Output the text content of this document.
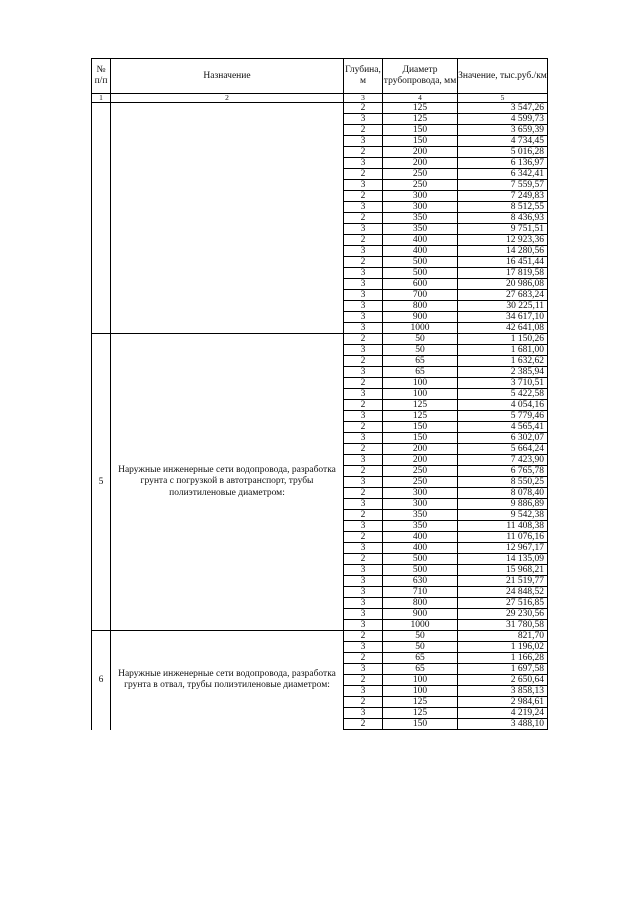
№ п/п	Назначение	Глубина, м	Диаметр трубопровода, мм	Значение, тыс.руб./км
1	2	3	4	5
		2	125	3 547,26
		3	125	4 599,73
		2	150	3 659,39
		3	150	4 734,45
		2	200	5 016,28
		3	200	6 136,97
		2	250	6 342,41
		3	250	7 559,57
		2	300	7 249,83
		3	300	8 512,55
		2	350	8 436,93
		3	350	9 751,51
		2	400	12 923,36
		3	400	14 280,56
		2	500	16 451,44
		3	500	17 819,58
		3	600	20 986,08
		3	700	27 683,24
		3	800	30 225,11
		3	900	34 617,10
		3	1000	42 641,08
5	Наружные инженерные сети водопровода, разработка грунта с погрузкой в автотранспорт, трубы полиэтиленовые диаметром:	2	50	1 150,26
		3	50	1 681,00
		2	65	1 632,62
		3	65	2 385,94
		2	100	3 710,51
		3	100	5 422,58
		2	125	4 054,16
		3	125	5 779,46
		2	150	4 565,41
		3	150	6 302,07
		2	200	5 664,24
		3	200	7 423,90
		2	250	6 765,78
		3	250	8 550,25
		2	300	8 078,40
		3	300	9 886,89
		2	350	9 542,38
		3	350	11 408,38
		2	400	11 076,16
		3	400	12 967,17
		2	500	14 135,09
		3	500	15 968,21
		3	630	21 519,77
		3	710	24 848,52
		3	800	27 516,85
		3	900	29 230,56
		3	1000	31 780,58
6	Наружные инженерные сети водопровода, разработка грунта в отвал, трубы полиэтиленовые диаметром:	2	50	821,70
		3	50	1 196,02
		2	65	1 166,28
		3	65	1 697,58
		2	100	2 650,64
		3	100	3 858,13
		2	125	2 984,61
		3	125	4 219,24
		2	150	3 488,10
